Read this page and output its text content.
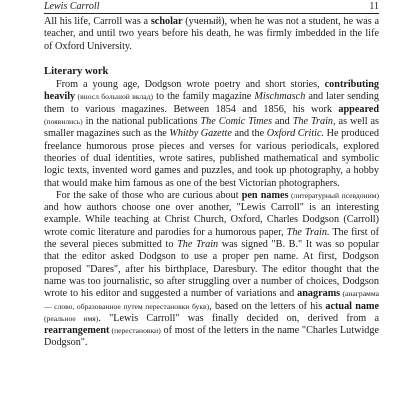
Lewis Carroll	11

All his life, Carroll was a scholar (ученый), when he was not a student, he was a teacher, and until two years before his death, he was firmly imbedded in the life of Oxford University.

Literary work

From a young age, Dodgson wrote poetry and short stories, contributing heavily (вносл большой вклад) to the family magazine Mischmasch and later sending them to various magazines. Between 1854 and 1856, his work appeared (появились) in the national publications The Comic Times and The Train, as well as smaller magazines such as the Whitby Gazette and the Oxford Critic. He produced freelance humorous prose pieces and verses for various periodicals, explored theories of dual identities, wrote satires, published mathematical and symbolic logic texts, invented word games and puzzles, and took up photography, a hobby that would make him famous as one of the best Victorian photographers.

For the sake of those who are curious about pen names (литературный псевдоним) and how authors choose one over another, "Lewis Carroll" is an interesting example. While teaching at Christ Church, Oxford, Charles Dodgson (Carroll) wrote comic literature and parodies for a humorous paper, The Train. The first of the several pieces submitted to The Train was signed "B. B." It was so popular that the editor asked Dodgson to use a proper pen name. At first, Dodgson proposed "Dares", after his birthplace, Daresbury. The editor thought that the name was too journalistic, so after struggling over a number of choices, Dodgson wrote to his editor and suggested a number of variations and anagrams (анаграмма — слово, образованное путем перестановки букв), based on the letters of his actual name (реальное имя). "Lewis Carroll" was finally decided on, derived from a rearrangement (перестановки) of most of the letters in the name "Charles Lutwidge Dodgson".
